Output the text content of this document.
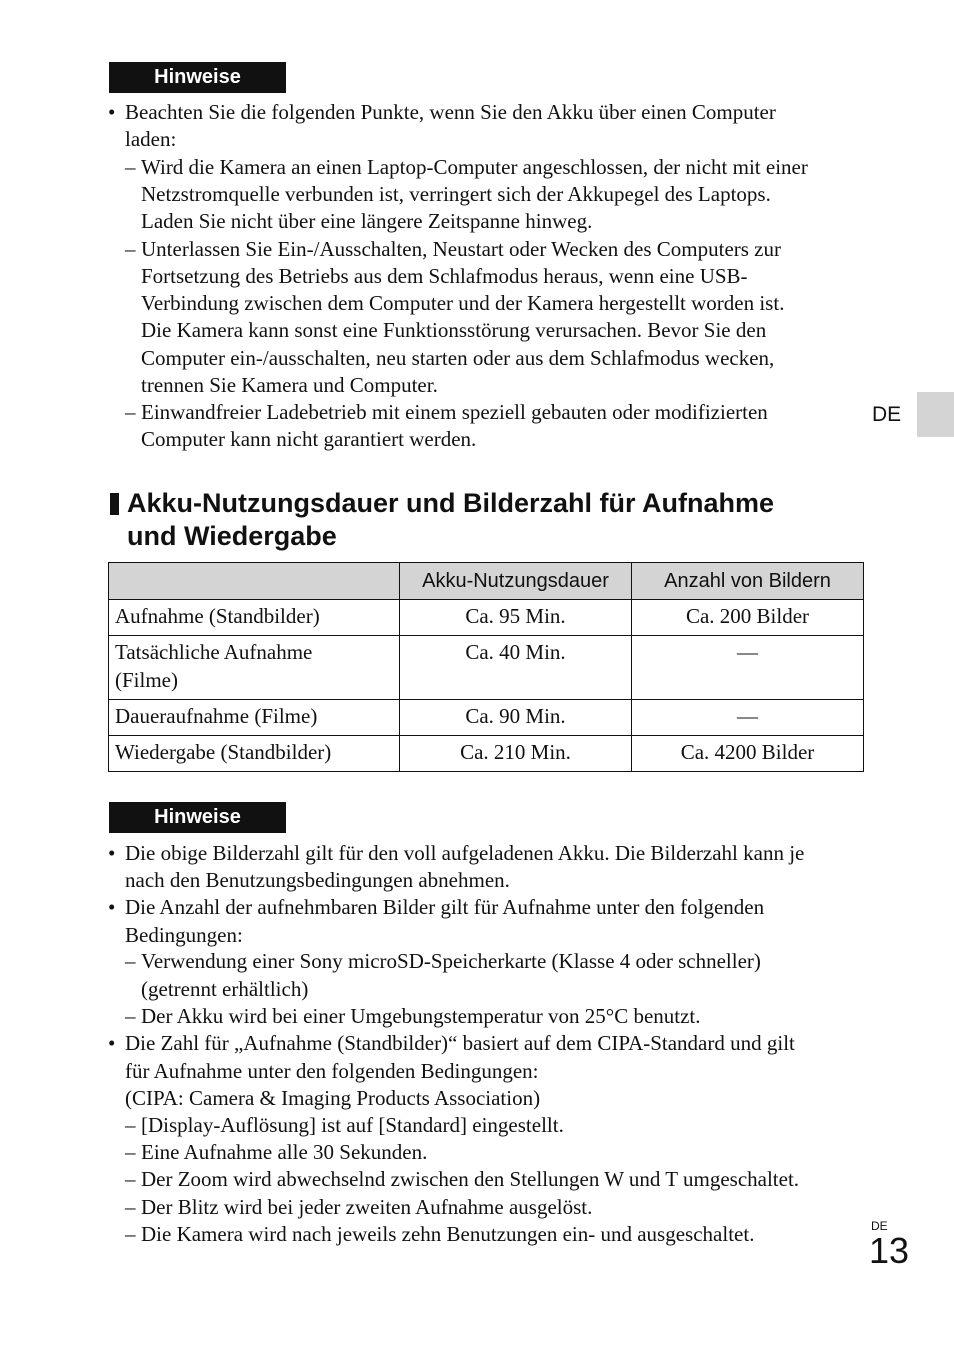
Hinweise
• Beachten Sie die folgenden Punkte, wenn Sie den Akku über einen Computer
laden:
– Wird die Kamera an einen Laptop-Computer angeschlossen, der nicht mit einer
Netzstromquelle verbunden ist, verringert sich der Akkupegel des Laptops.
Laden Sie nicht über eine längere Zeitspanne hinweg.
– Unterlassen Sie Ein-/Ausschalten, Neustart oder Wecken des Computers zur
Fortsetzung des Betriebs aus dem Schlafmodus heraus, wenn eine USB-
Verbindung zwischen dem Computer und der Kamera hergestellt worden ist.
Die Kamera kann sonst eine Funktionsstörung verursachen. Bevor Sie den
Computer ein-/ausschalten, neu starten oder aus dem Schlafmodus wecken,
trennen Sie Kamera und Computer.
– Einwandfreier Ladebetrieb mit einem speziell gebauten oder modifizierten
Computer kann nicht garantiert werden.
DE
Akku-Nutzungsdauer und Bilderzahl für Aufnahme
und Wiedergabe
	Akku-Nutzungsdauer	Anzahl von Bildern
Aufnahme (Standbilder)	Ca. 95 Min.	Ca. 200 Bilder

Tatsächliche Aufnahme
(Filme)	Ca. 40 Min.	—
Daueraufnahme (Filme)	Ca. 90 Min.	—
Wiedergabe (Standbilder)	Ca. 210 Min.	Ca. 4200 Bilder
Hinweise
• Die obige Bilderzahl gilt für den voll aufgeladenen Akku. Die Bilderzahl kann je
nach den Benutzungsbedingungen abnehmen.
• Die Anzahl der aufnehmbaren Bilder gilt für Aufnahme unter den folgenden
Bedingungen:
– Verwendung einer Sony microSD-Speicherkarte (Klasse 4 oder schneller)
(getrennt erhältlich)
– Der Akku wird bei einer Umgebungstemperatur von 25°C benutzt.
• Die Zahl für „Aufnahme (Standbilder)“ basiert auf dem CIPA-Standard und gilt
für Aufnahme unter den folgenden Bedingungen:
(CIPA: Camera & Imaging Products Association)
– [Display-Auflösung] ist auf [Standard] eingestellt.
– Eine Aufnahme alle 30 Sekunden.
– Der Zoom wird abwechselnd zwischen den Stellungen W und T umgeschaltet.
– Der Blitz wird bei jeder zweiten Aufnahme ausgelöst.
– Die Kamera wird nach jeweils zehn Benutzungen ein- und ausgeschaltet.	DE
13
